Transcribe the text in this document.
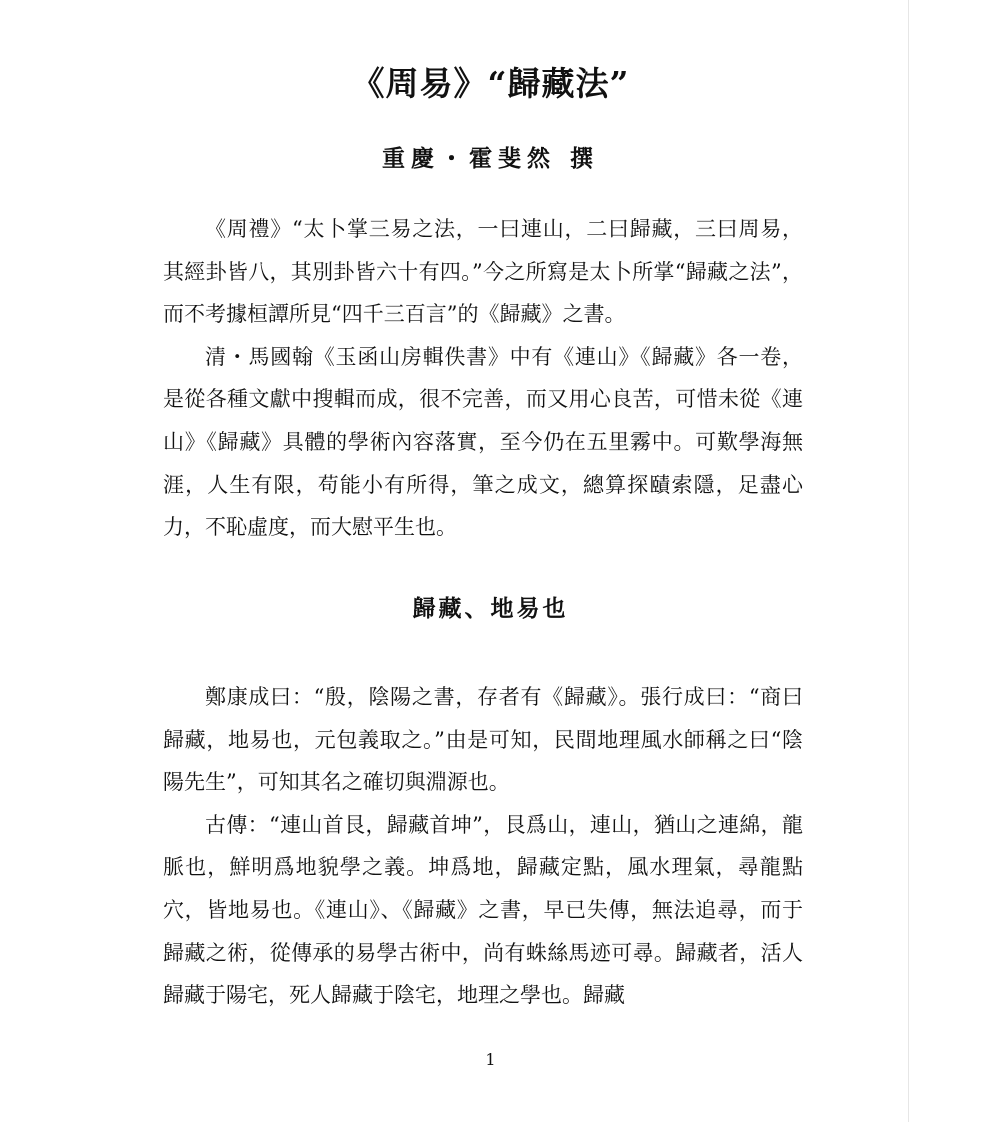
《周易》“歸藏法”
重慶・霍斐然 撰

《周禮》“太卜掌三易之法，一曰連山，二曰歸藏，三曰周易，其經卦皆八，其別卦皆六十有四。”今之所寫是太卜所掌“歸藏之法”，而不考據桓譚所見“四千三百言”的《歸藏》之書。

清・馬國翰《玉函山房輯佚書》中有《連山》《歸藏》各一卷，是從各種文獻中搜輯而成，很不完善，而又用心良苦，可惜未從《連山》《歸藏》具體的學術內容落實，至今仍在五里霧中。可歎學海無涯，人生有限，苟能小有所得，筆之成文，總算探賾索隱，足盡心力，不恥虛度，而大慰平生也。

歸藏、地易也

鄭康成曰：“殷，陰陽之書，存者有《歸藏》。張行成曰：“商曰歸藏，地易也，元包義取之。”由是可知，民間地理風水師稱之曰“陰陽先生”，可知其名之確切與淵源也。

古傳：“連山首艮，歸藏首坤”，艮爲山，連山，猶山之連綿，龍脈也，鮮明爲地貌學之義。坤爲地，歸藏定點，風水理氣，尋龍點穴，皆地易也。《連山》、《歸藏》之書，早已失傳，無法追尋，而于歸藏之術，從傳承的易學古術中，尚有蛛絲馬迹可尋。歸藏者，活人歸藏于陽宅，死人歸藏于陰宅，地理之學也。歸藏

1
